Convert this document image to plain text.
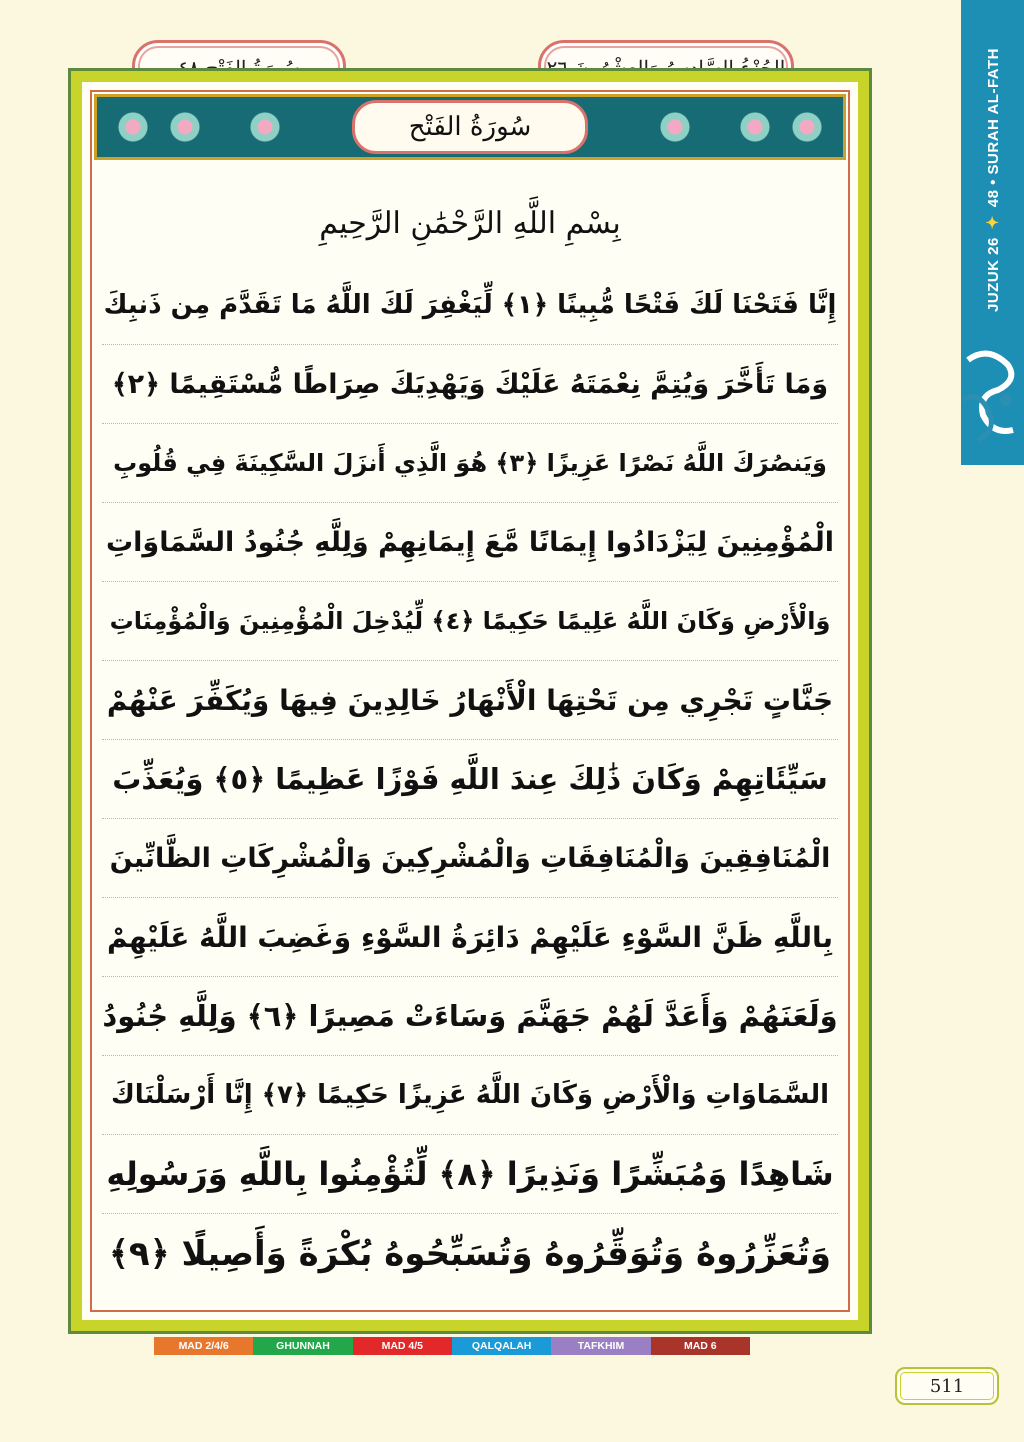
JUZUK 26
✦
48 • SURAH AL-FATH
سُورَةُ الفَتْح
بِسْمِ اللَّهِ الرَّحْمَٰنِ الرَّحِيمِ
إِنَّا فَتَحْنَا لَكَ فَتْحًا مُّبِينًا ﴿١﴾ لِّيَغْفِرَ لَكَ اللَّهُ مَا تَقَدَّمَ مِن ذَنبِكَ
وَمَا تَأَخَّرَ وَيُتِمَّ نِعْمَتَهُ عَلَيْكَ وَيَهْدِيَكَ صِرَاطًا مُّسْتَقِيمًا ﴿٢﴾
وَيَنصُرَكَ اللَّهُ نَصْرًا عَزِيزًا ﴿٣﴾ هُوَ الَّذِي أَنزَلَ السَّكِينَةَ فِي قُلُوبِ
الْمُؤْمِنِينَ لِيَزْدَادُوا إِيمَانًا مَّعَ إِيمَانِهِمْ وَلِلَّهِ جُنُودُ السَّمَاوَاتِ
وَالْأَرْضِ وَكَانَ اللَّهُ عَلِيمًا حَكِيمًا ﴿٤﴾ لِّيُدْخِلَ الْمُؤْمِنِينَ وَالْمُؤْمِنَاتِ
جَنَّاتٍ تَجْرِي مِن تَحْتِهَا الْأَنْهَارُ خَالِدِينَ فِيهَا وَيُكَفِّرَ عَنْهُمْ
سَيِّئَاتِهِمْ وَكَانَ ذَٰلِكَ عِندَ اللَّهِ فَوْزًا عَظِيمًا ﴿٥﴾ وَيُعَذِّبَ
الْمُنَافِقِينَ وَالْمُنَافِقَاتِ وَالْمُشْرِكِينَ وَالْمُشْرِكَاتِ الظَّانِّينَ
بِاللَّهِ ظَنَّ السَّوْءِ عَلَيْهِمْ دَائِرَةُ السَّوْءِ وَغَضِبَ اللَّهُ عَلَيْهِمْ
وَلَعَنَهُمْ وَأَعَدَّ لَهُمْ جَهَنَّمَ وَسَاءَتْ مَصِيرًا ﴿٦﴾ وَلِلَّهِ جُنُودُ
السَّمَاوَاتِ وَالْأَرْضِ وَكَانَ اللَّهُ عَزِيزًا حَكِيمًا ﴿٧﴾ إِنَّا أَرْسَلْنَاكَ
شَاهِدًا وَمُبَشِّرًا وَنَذِيرًا ﴿٨﴾ لِّتُؤْمِنُوا بِاللَّهِ وَرَسُولِهِ
وَتُعَزِّرُوهُ وَتُوَقِّرُوهُ وَتُسَبِّحُوهُ بُكْرَةً وَأَصِيلًا ﴿٩﴾
MAD 2/4/6	GHUNNAH	MAD 4/5	QALQALAH	TAFKHIM	MAD 6
511
